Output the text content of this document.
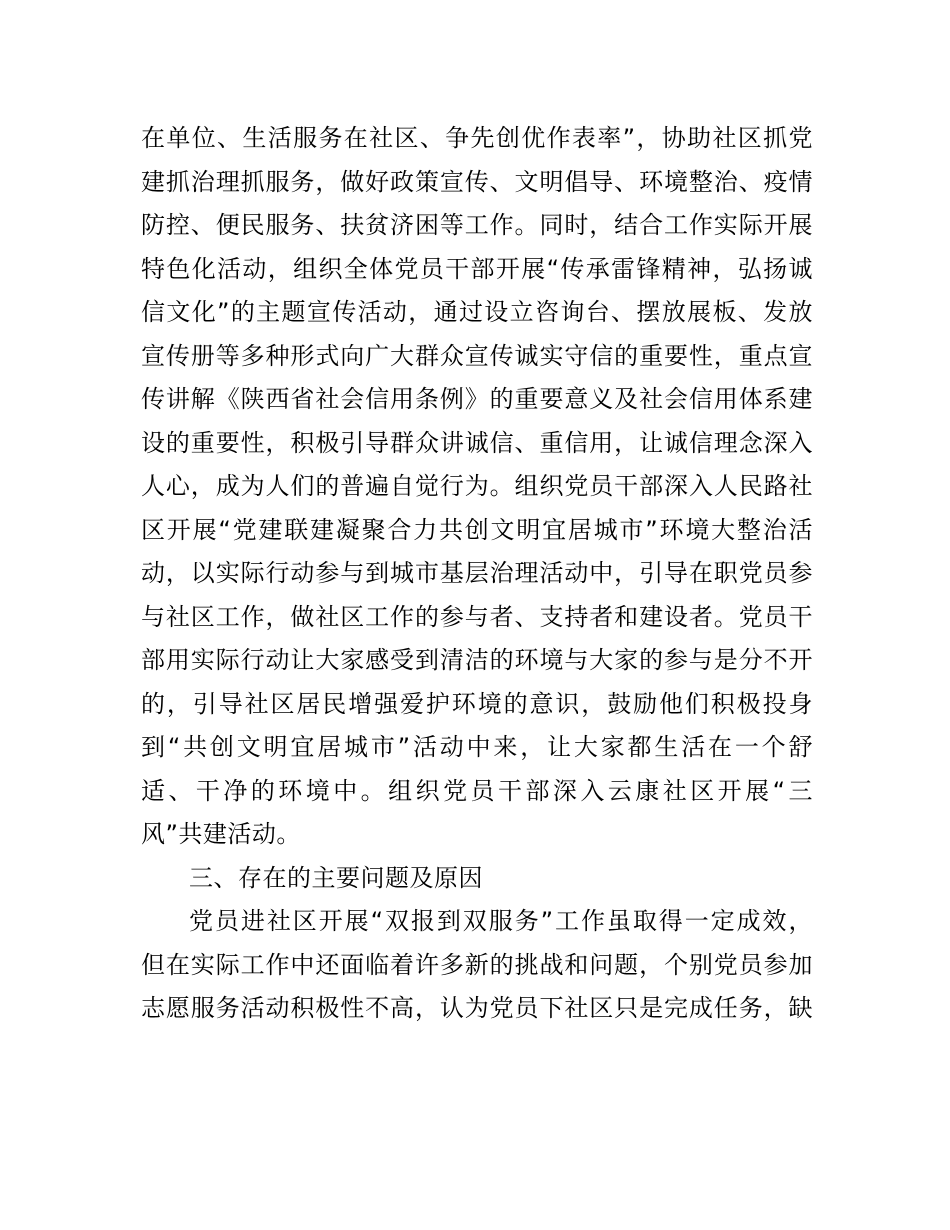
在单位、生活服务在社区、争先创优作表率”，协助社区抓党
建抓治理抓服务，做好政策宣传、文明倡导、环境整治、疫情
防控、便民服务、扶贫济困等工作。同时，结合工作实际开展
特色化活动，组织全体党员干部开展“传承雷锋精神，弘扬诚
信文化”的主题宣传活动，通过设立咨询台、摆放展板、发放
宣传册等多种形式向广大群众宣传诚实守信的重要性，重点宣
传讲解《陕西省社会信用条例》的重要意义及社会信用体系建
设的重要性，积极引导群众讲诚信、重信用，让诚信理念深入
人心，成为人们的普遍自觉行为。组织党员干部深入人民路社
区开展“党建联建凝聚合力共创文明宜居城市”环境大整治活
动，以实际行动参与到城市基层治理活动中，引导在职党员参
与社区工作，做社区工作的参与者、支持者和建设者。党员干
部用实际行动让大家感受到清洁的环境与大家的参与是分不开
的，引导社区居民增强爱护环境的意识，鼓励他们积极投身
到“共创文明宜居城市”活动中来，让大家都生活在一个舒
适、干净的环境中。组织党员干部深入云康社区开展“三
风”共建活动。
三、存在的主要问题及原因
党员进社区开展“双报到双服务”工作虽取得一定成效，
但在实际工作中还面临着许多新的挑战和问题，个别党员参加
志愿服务活动积极性不高，认为党员下社区只是完成任务，缺
